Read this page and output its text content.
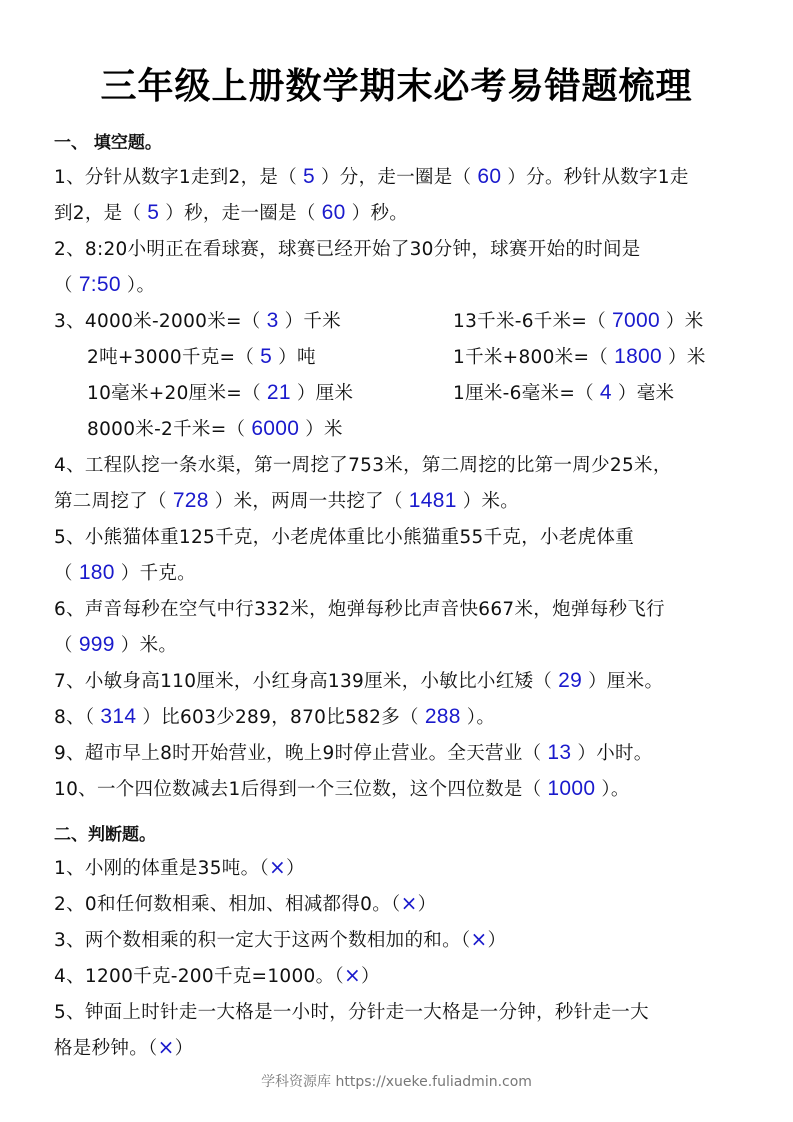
三年级上册数学期末必考易错题梳理
一、 填空题。
1、分针从数字1走到2，是（ 5 ）分，走一圈是（ 60 ）分。秒针从数字1走
到2，是（ 5 ）秒，走一圈是（ 60 ）秒。
2、8:20小明正在看球赛，球赛已经开始了30分钟，球赛开始的时间是
（ 7:50 ）。
3、4000米-2000米=（ 3 ）千米	13千米-6千米=（ 7000 ）米
2吨+3000千克=（ 5 ）吨	1千米+800米=（ 1800 ）米
10毫米+20厘米=（ 21 ）厘米	1厘米-6毫米=（ 4 ）毫米
8000米-2千米=（ 6000 ）米
4、工程队挖一条水渠，第一周挖了753米，第二周挖的比第一周少25米，
第二周挖了（ 728 ）米，两周一共挖了（ 1481 ）米。
5、小熊猫体重125千克，小老虎体重比小熊猫重55千克，小老虎体重
（ 180 ）千克。
6、声音每秒在空气中行332米，炮弹每秒比声音快667米，炮弹每秒飞行
（ 999 ）米。
7、小敏身高110厘米，小红身高139厘米，小敏比小红矮（ 29 ）厘米。
8、（ 314 ）比603少289，870比582多（ 288 ）。
9、超市早上8时开始营业，晚上9时停止营业。全天营业（ 13 ）小时。
10、一个四位数减去1后得到一个三位数，这个四位数是（ 1000 ）。
二、判断题。
1、小刚的体重是35吨。（×）
2、0和任何数相乘、相加、相减都得0。（×）
3、两个数相乘的积一定大于这两个数相加的和。（×）
4、1200千克-200千克=1000。（×）
5、钟面上时针走一大格是一小时，分针走一大格是一分钟，秒针走一大
格是秒钟。（×）
学科资源库 https://xueke.fuliadmin.com
